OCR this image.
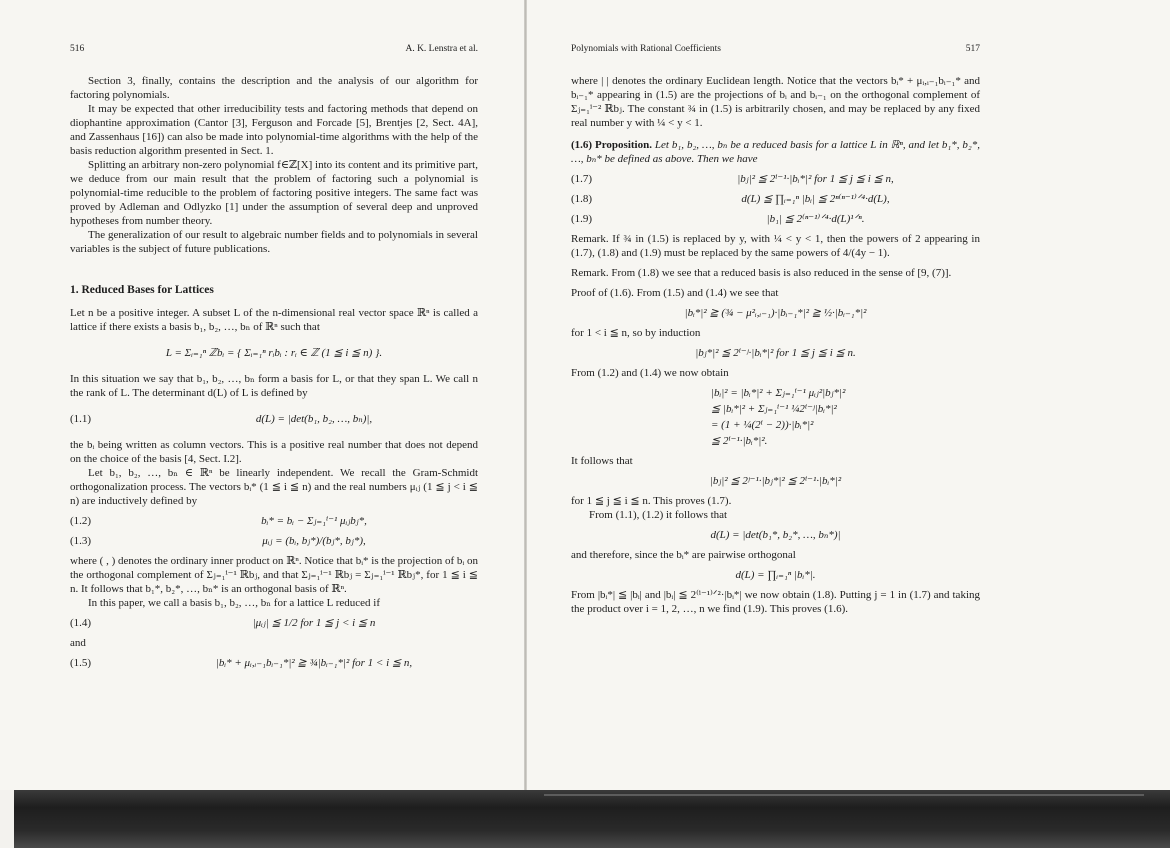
516	A. K. Lenstra et al.

Section 3, finally, contains the description and the analysis of our algorithm for factoring polynomials.

It may be expected that other irreducibility tests and factoring methods that depend on diophantine approximation (Cantor [3], Ferguson and Forcade [5], Brentjes [2, Sect. 4A], and Zassenhaus [16]) can also be made into polynomial-time algorithms with the help of the basis reduction algorithm presented in Sect. 1.

Splitting an arbitrary non-zero polynomial f∈ℤ[X] into its content and its primitive part, we deduce from our main result that the problem of factoring such a polynomial is polynomial-time reducible to the problem of factoring positive integers. The same fact was proved by Adleman and Odlyzko [1] under the assumption of several deep and unproved hypotheses from number theory.

The generalization of our result to algebraic number fields and to polynomials in several variables is the subject of future publications.

1. Reduced Bases for Lattices

Let n be a positive integer. A subset L of the n-dimensional real vector space ℝⁿ is called a lattice if there exists a basis b₁, b₂, …, bₙ of ℝⁿ such that

L = Σᵢ₌₁ⁿ ℤbᵢ = { Σᵢ₌₁ⁿ rᵢbᵢ : rᵢ ∈ ℤ (1 ≦ i ≦ n) }.

In this situation we say that b₁, b₂, …, bₙ form a basis for L, or that they span L. We call n the rank of L. The determinant d(L) of L is defined by

(1.1)	d(L) = |det(b₁, b₂, …, bₙ)|,

the bᵢ being written as column vectors. This is a positive real number that does not depend on the choice of the basis [4, Sect. I.2].

Let b₁, b₂, …, bₙ ∈ ℝⁿ be linearly independent. We recall the Gram-Schmidt orthogonalization process. The vectors bᵢ* (1 ≦ i ≦ n) and the real numbers μᵢⱼ (1 ≦ j < i ≦ n) are inductively defined by

(1.2)	bᵢ* = bᵢ − Σⱼ₌₁ⁱ⁻¹ μᵢⱼbⱼ*,
(1.3)	μᵢⱼ = (bᵢ, bⱼ*)/(bⱼ*, bⱼ*),

where ( , ) denotes the ordinary inner product on ℝⁿ. Notice that bᵢ* is the projection of bᵢ on the orthogonal complement of Σⱼ₌₁ⁱ⁻¹ ℝbⱼ, and that Σⱼ₌₁ⁱ⁻¹ ℝbⱼ = Σⱼ₌₁ⁱ⁻¹ ℝbⱼ*, for 1 ≦ i ≦ n. It follows that b₁*, b₂*, …, bₙ* is an orthogonal basis of ℝⁿ.

In this paper, we call a basis b₁, b₂, …, bₙ for a lattice L reduced if

(1.4)	|μᵢⱼ| ≦ 1/2 for 1 ≦ j < i ≦ n

and

(1.5)	|bᵢ* + μᵢ,ᵢ₋₁bᵢ₋₁*|² ≧ ¾|bᵢ₋₁*|² for 1 < i ≦ n,
Polynomials with Rational Coefficients	517

where | | denotes the ordinary Euclidean length. Notice that the vectors bᵢ* + μᵢ,ᵢ₋₁bᵢ₋₁* and bᵢ₋₁* appearing in (1.5) are the projections of bᵢ and bᵢ₋₁ on the orthogonal complement of Σⱼ₌₁ⁱ⁻² ℝbⱼ. The constant ¾ in (1.5) is arbitrarily chosen, and may be replaced by any fixed real number y with ¼ < y < 1.

(1.6) Proposition. Let b₁, b₂, …, bₙ be a reduced basis for a lattice L in ℝⁿ, and let b₁*, b₂*, …, bₙ* be defined as above. Then we have

(1.7)	|bⱼ|² ≦ 2ⁱ⁻¹·|bᵢ*|² for 1 ≦ j ≦ i ≦ n,
(1.8)	d(L) ≦ ∏ᵢ₌₁ⁿ |bᵢ| ≦ 2ⁿ⁽ⁿ⁻¹⁾ᐟ⁴·d(L),
(1.9)	|b₁| ≦ 2⁽ⁿ⁻¹⁾ᐟ⁴·d(L)¹ᐟⁿ.

Remark. If ¾ in (1.5) is replaced by y, with ¼ < y < 1, then the powers of 2 appearing in (1.7), (1.8) and (1.9) must be replaced by the same powers of 4/(4y − 1).

Remark. From (1.8) we see that a reduced basis is also reduced in the sense of [9, (7)].

Proof of (1.6). From (1.5) and (1.4) we see that

|bᵢ*|² ≧ (¾ − μ²ᵢ,ᵢ₋₁)·|bᵢ₋₁*|² ≧ ½·|bᵢ₋₁*|²

for 1 < i ≦ n, so by induction

|bⱼ*|² ≦ 2ⁱ⁻ʲ·|bᵢ*|² for 1 ≦ j ≦ i ≦ n.

From (1.2) and (1.4) we now obtain

|bᵢ|² = |bᵢ*|² + Σⱼ₌₁ⁱ⁻¹ μᵢⱼ²|bⱼ*|²
≦ |bᵢ*|² + Σⱼ₌₁ⁱ⁻¹ ¼2ⁱ⁻ʲ|bᵢ*|²
= (1 + ¼(2ⁱ − 2))·|bᵢ*|²
≦ 2ⁱ⁻¹·|bᵢ*|².

It follows that

|bⱼ|² ≦ 2ʲ⁻¹·|bⱼ*|² ≦ 2ⁱ⁻¹·|bᵢ*|²

for 1 ≦ j ≦ i ≦ n. This proves (1.7).

From (1.1), (1.2) it follows that

d(L) = |det(b₁*, b₂*, …, bₙ*)|

and therefore, since the bᵢ* are pairwise orthogonal

d(L) = ∏ᵢ₌₁ⁿ |bᵢ*|.

From |bᵢ*| ≦ |bᵢ| and |bᵢ| ≦ 2⁽ⁱ⁻¹⁾ᐟ²·|bᵢ*| we now obtain (1.8). Putting j = 1 in (1.7) and taking the product over i = 1, 2, …, n we find (1.9). This proves (1.6).
